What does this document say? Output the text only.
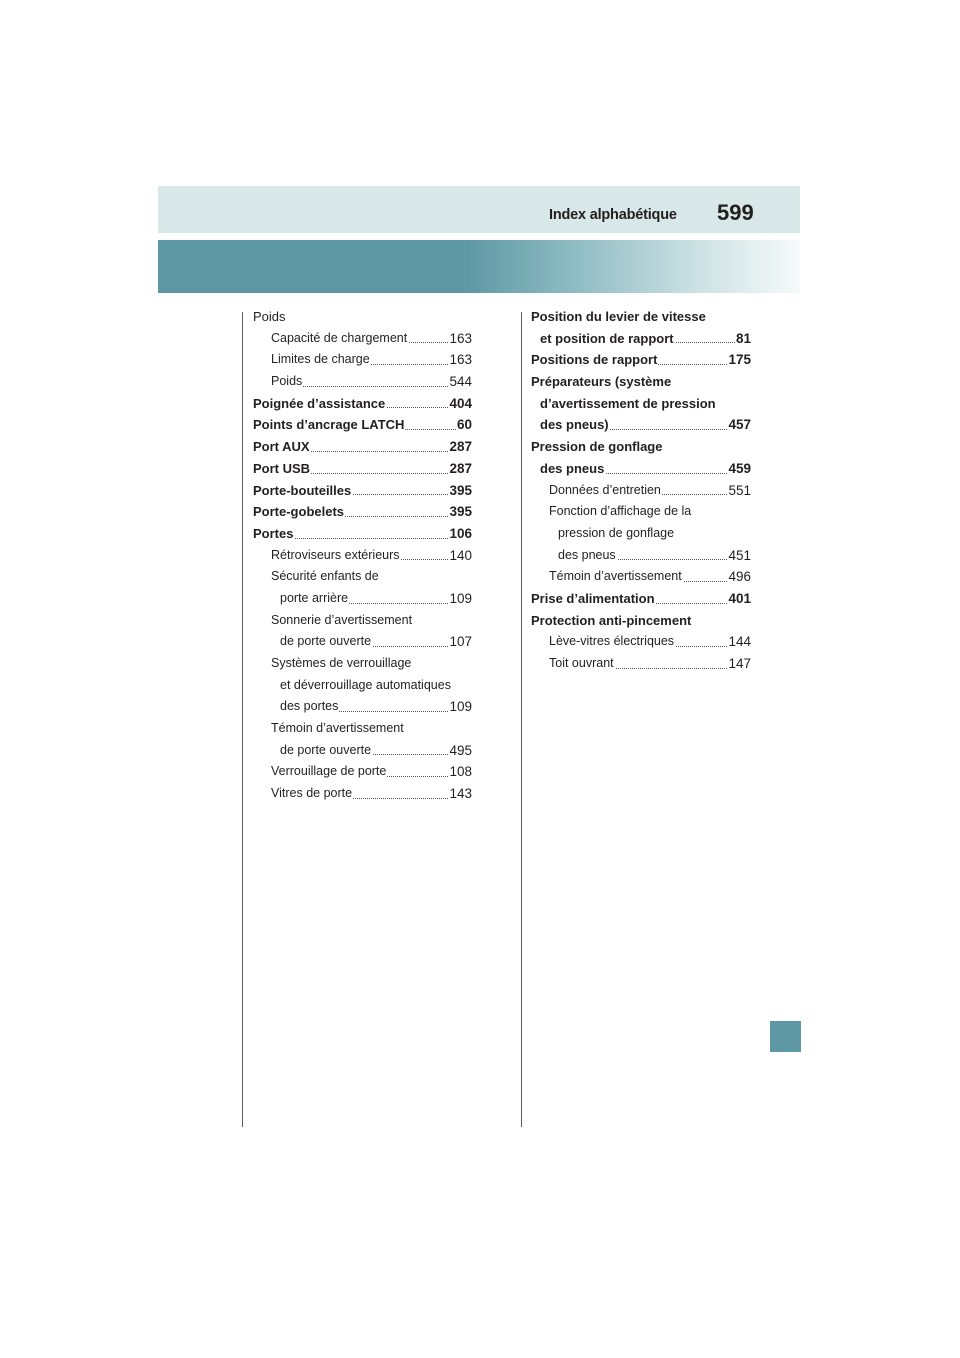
Index alphabétique 599
Poids
Capacité de chargement	163
Limites de charge	163
Poids	544
Poignée d’assistance	404
Points d’ancrage LATCH	60
Port AUX	287
Port USB	287
Porte-bouteilles	395
Porte-gobelets	395
Portes	106
Rétroviseurs extérieurs	140
Sécurité enfants de
porte arrière	109
Sonnerie d’avertissement
de porte ouverte	107
Systèmes de verrouillage
et déverrouillage automatiques
des portes	109
Témoin d’avertissement
de porte ouverte	495
Verrouillage de porte	108
Vitres de porte	143
Position du levier de vitesse
et position de rapport	81
Positions de rapport	175
Préparateurs (système
d’avertissement de pression
des pneus)	457
Pression de gonflage
des pneus	459
Données d’entretien	551
Fonction d’affichage de la
pression de gonflage
des pneus	451
Témoin d’avertissement	496
Prise d’alimentation	401
Protection anti-pincement
Lève-vitres électriques	144
Toit ouvrant	147
